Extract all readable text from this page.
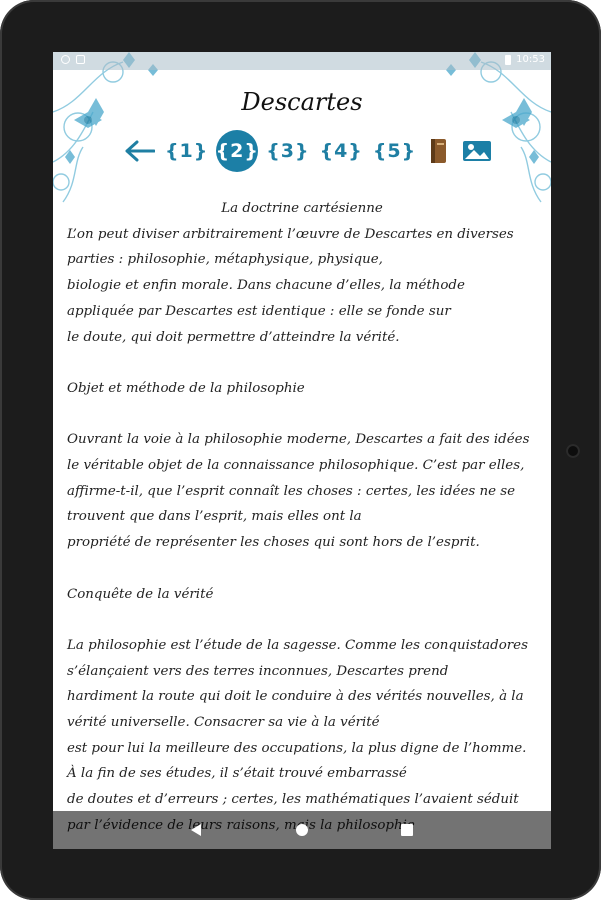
10:53
Descartes
{1} {2} {3} {4} {5}

La doctrine cartésienne

L’on peut diviser arbitrairement l’œuvre de Descartes en diverses

parties : philosophie, métaphysique, physique,

biologie et enfin morale. Dans chacune d’elles, la méthode

appliquée par Descartes est identique : elle se fonde sur

le doute, qui doit permettre d’atteindre la vérité.

Objet et méthode de la philosophie

Ouvrant la voie à la philosophie moderne, Descartes a fait des idées

le véritable objet de la connaissance philosophique. C’est par elles,

affirme-t-il, que l’esprit connaît les choses : certes, les idées ne se

trouvent que dans l’esprit, mais elles ont la

propriété de représenter les choses qui sont hors de l’esprit.

Conquête de la vérité

La philosophie est l’étude de la sagesse. Comme les conquistadores

s’élançaient vers des terres inconnues, Descartes prend

hardiment la route qui doit le conduire à des vérités nouvelles, à la

vérité universelle. Consacrer sa vie à la vérité

est pour lui la meilleure des occupations, la plus digne de l’homme.

À la fin de ses études, il s’était trouvé embarrassé

de doutes et d’erreurs ; certes, les mathématiques l’avaient séduit
